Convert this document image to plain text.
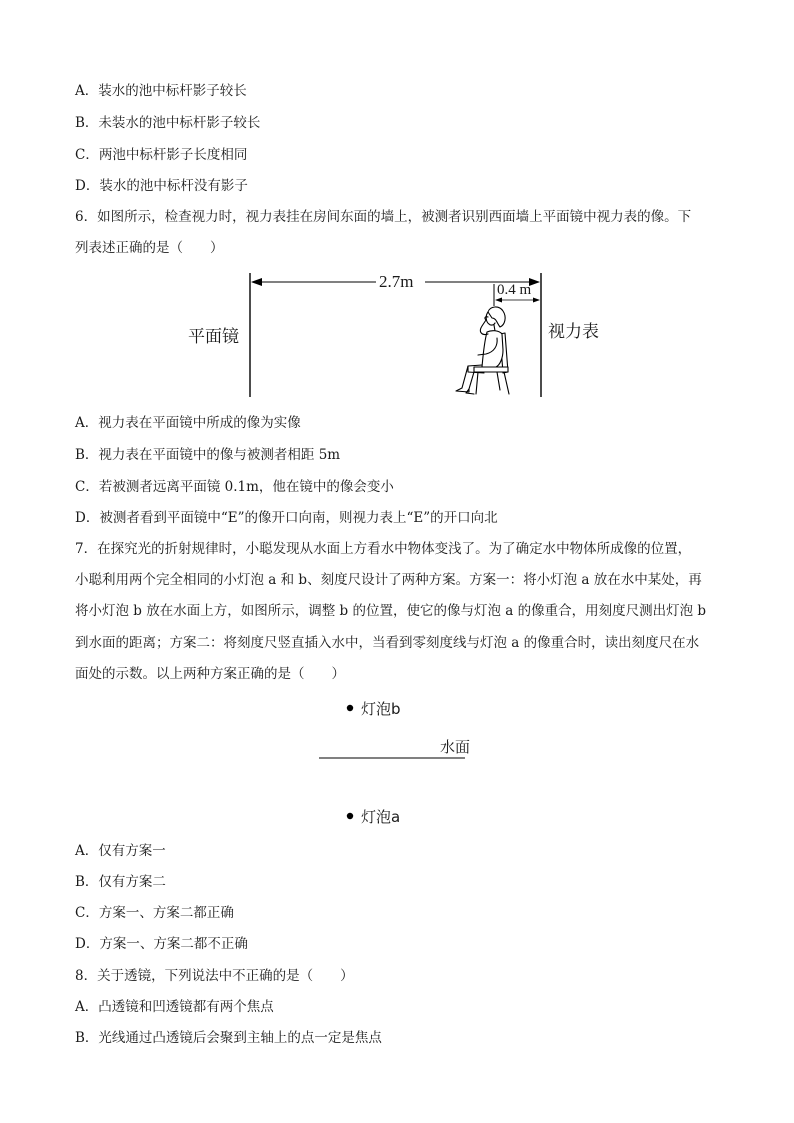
A．装水的池中标杆影子较长
B．未装水的池中标杆影子较长
C．两池中标杆影子长度相同
D．装水的池中标杆没有影子
6．如图所示，检查视力时，视力表挂在房间东面的墙上，被测者识别西面墙上平面镜中视力表的像。下
列表述正确的是（　　）
2.7m	0.4 m
平面镜	视力表
A．视力表在平面镜中所成的像为实像
B．视力表在平面镜中的像与被测者相距 5m
C．若被测者远离平面镜 0.1m，他在镜中的像会变小
D．被测者看到平面镜中“E”的像开口向南，则视力表上“E”的开口向北
7．在探究光的折射规律时，小聪发现从水面上方看水中物体变浅了。为了确定水中物体所成像的位置，
小聪利用两个完全相同的小灯泡 a 和 b、刻度尺设计了两种方案。方案一：将小灯泡 a 放在水中某处，再
将小灯泡 b 放在水面上方，如图所示，调整 b 的位置，使它的像与灯泡 a 的像重合，用刻度尺测出灯泡 b
到水面的距离；方案二：将刻度尺竖直插入水中，当看到零刻度线与灯泡 a 的像重合时，读出刻度尺在水
面处的示数。以上两种方案正确的是（　　）
灯泡b
水面
灯泡a
A．仅有方案一
B．仅有方案二
C．方案一、方案二都正确
D．方案一、方案二都不正确
8．关于透镜，下列说法中不正确的是（　　）
A．凸透镜和凹透镜都有两个焦点
B．光线通过凸透镜后会聚到主轴上的点一定是焦点
